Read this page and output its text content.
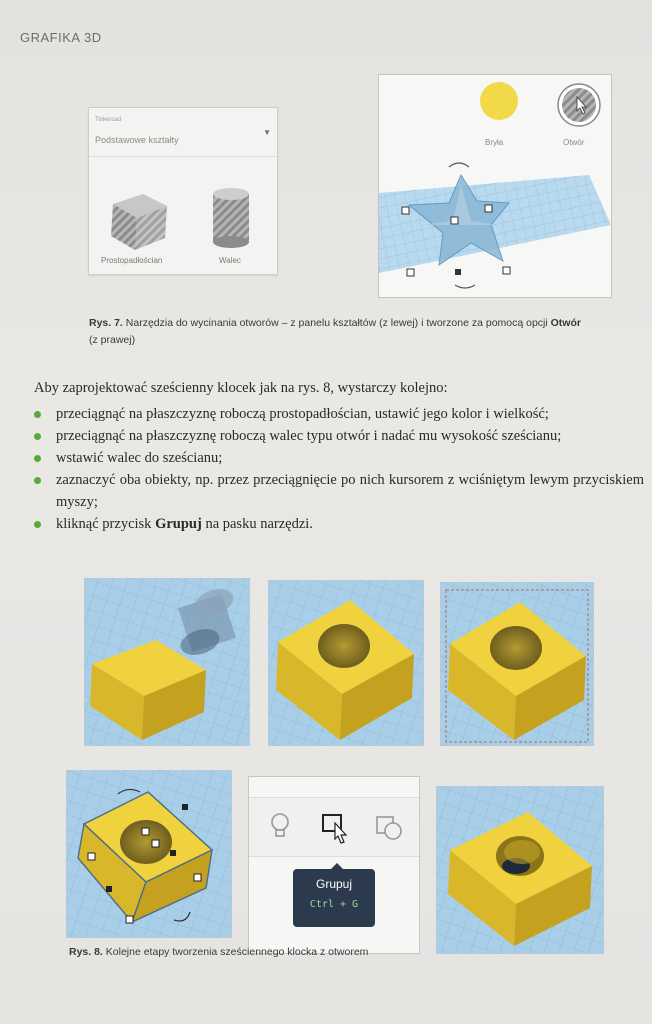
GRAFIKA 3D
Tinkercad
Podstawowe kształty
▼
Prostopadłościan	Walec
Bryła	Otwór
Rys. 7. Narzędzia do wycinania otworów – z panelu kształtów (z lewej) i tworzone za pomocą opcji Otwór (z prawej)
Aby zaprojektować sześcienny klocek jak na rys. 8, wystarczy kolejno:
przeciągnąć na płaszczyznę roboczą prostopadłościan, ustawić jego kolor i wielkość;
przeciągnąć na płaszczyznę roboczą walec typu otwór i nadać mu wysokość sześcianu;
wstawić walec do sześcianu;
zaznaczyć oba obiekty, np. przez przeciągnięcie po nich kursorem z wciśniętym lewym przyciskiem myszy;
kliknąć przycisk Grupuj na pasku narzędzi.
Grupuj
Ctrl + G
Rys. 8. Kolejne etapy tworzenia sześciennego klocka z otworem
